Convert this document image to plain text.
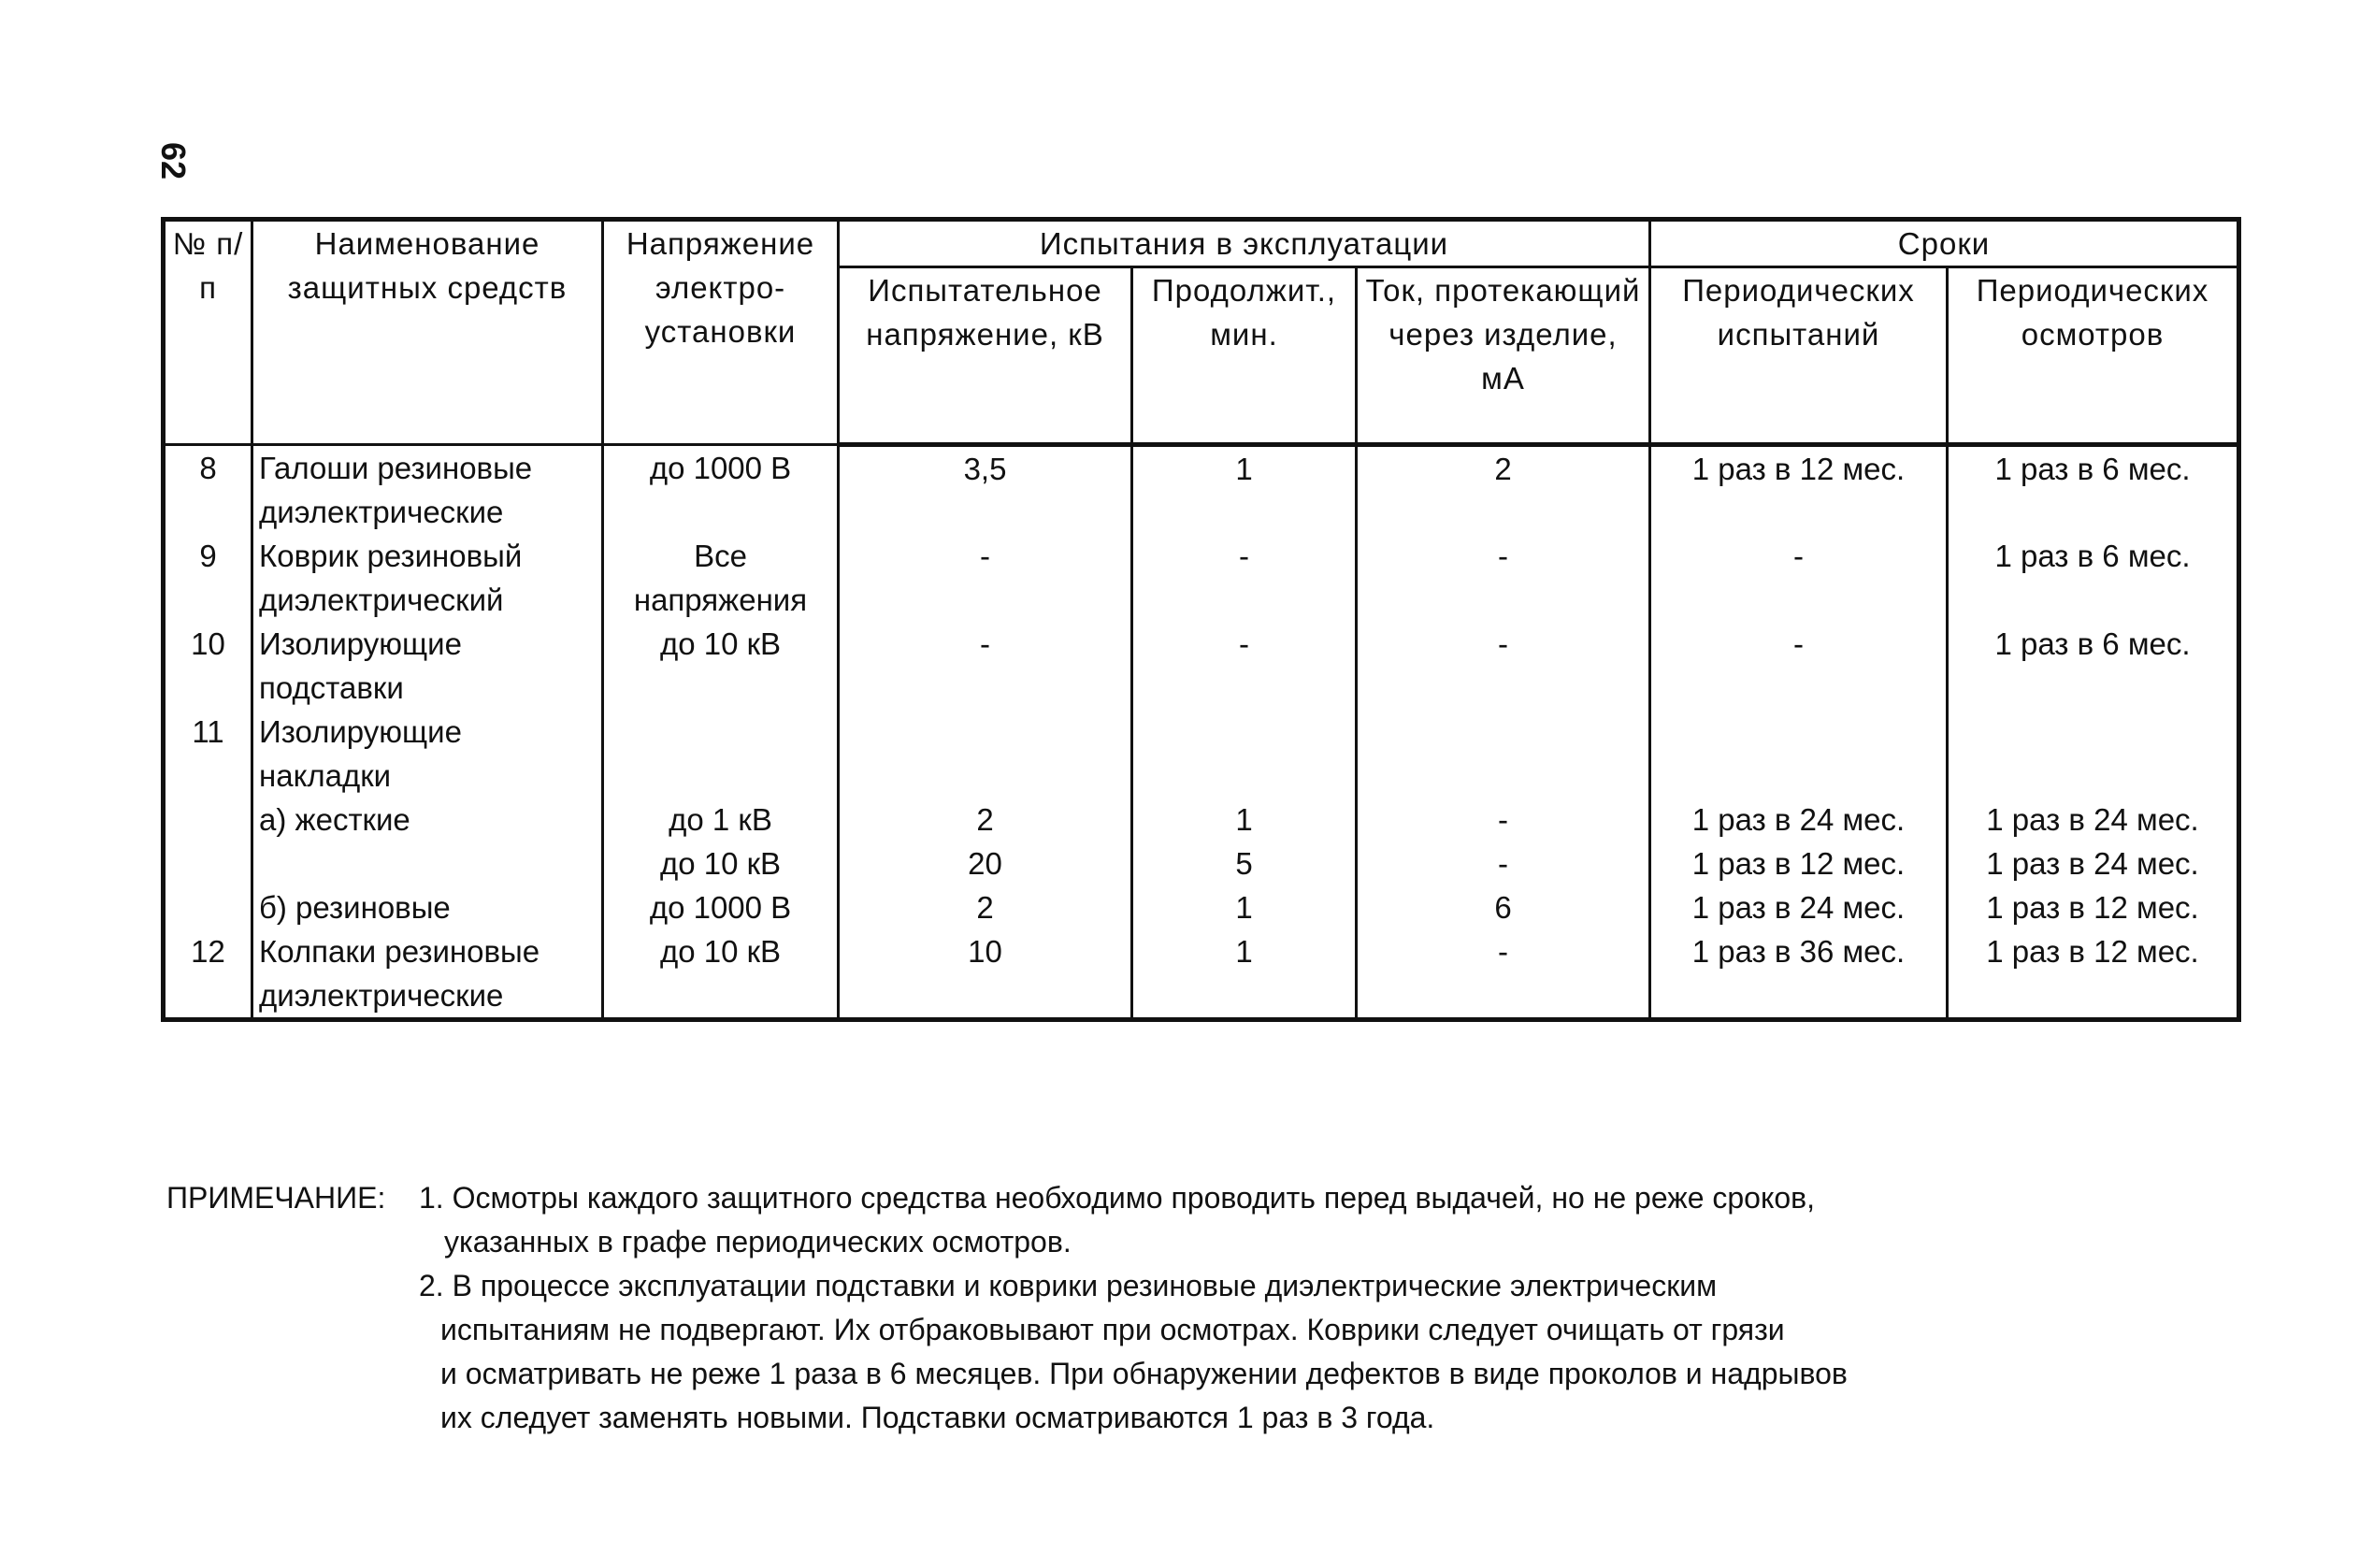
62
№ п/п	Наименование защитных средств	Напряжение электро-установки	Испытания в эксплуатации			Сроки	
			Испытательное напряжение, кВ	Продолжит., мин.	Ток, протекающий через изделие, мА	Периодических испытаний	Периодических осмотров
8	Галоши резиновые диэлектрические	до 1000 В	3,5	1	2	1 раз в 12 мес.	1 раз в 6 мес.
9	Коврик резиновый диэлектрический	Все напряжения	-	-	-	-	1 раз в 6 мес.
10	Изолирующие подставки	до 10 кВ	-	-	-	-	1 раз в 6 мес.
11	Изолирующие накладки						
	а) жесткие	до 1 кВ	2	1	-	1 раз в 24 мес.	1 раз в 24 мес.
		до 10 кВ	20	5	-	1 раз в 12 мес.	1 раз в 24 мес.
	б) резиновые	до 1000 В	2	1	6	1 раз в 24 мес.	1 раз в 12 мес.
12	Колпаки резиновые диэлектрические	до 10 кВ	10	1	-	1 раз в 36 мес.	1 раз в 12 мес.

ПРИМЕЧАНИЕ: 1. Осмотры каждого защитного средства необходимо проводить перед выдачей, но не реже сроков,

указанных в графе периодических осмотров.

2. В процессе эксплуатации подставки и коврики резиновые диэлектрические электрическим

испытаниям не подвергают. Их отбраковывают при осмотрах. Коврики следует очищать от грязи

и осматривать не реже 1 раза в 6 месяцев. При обнаружении дефектов в виде проколов и надрывов

их следует заменять новыми. Подставки осматриваются 1 раз в 3 года.
